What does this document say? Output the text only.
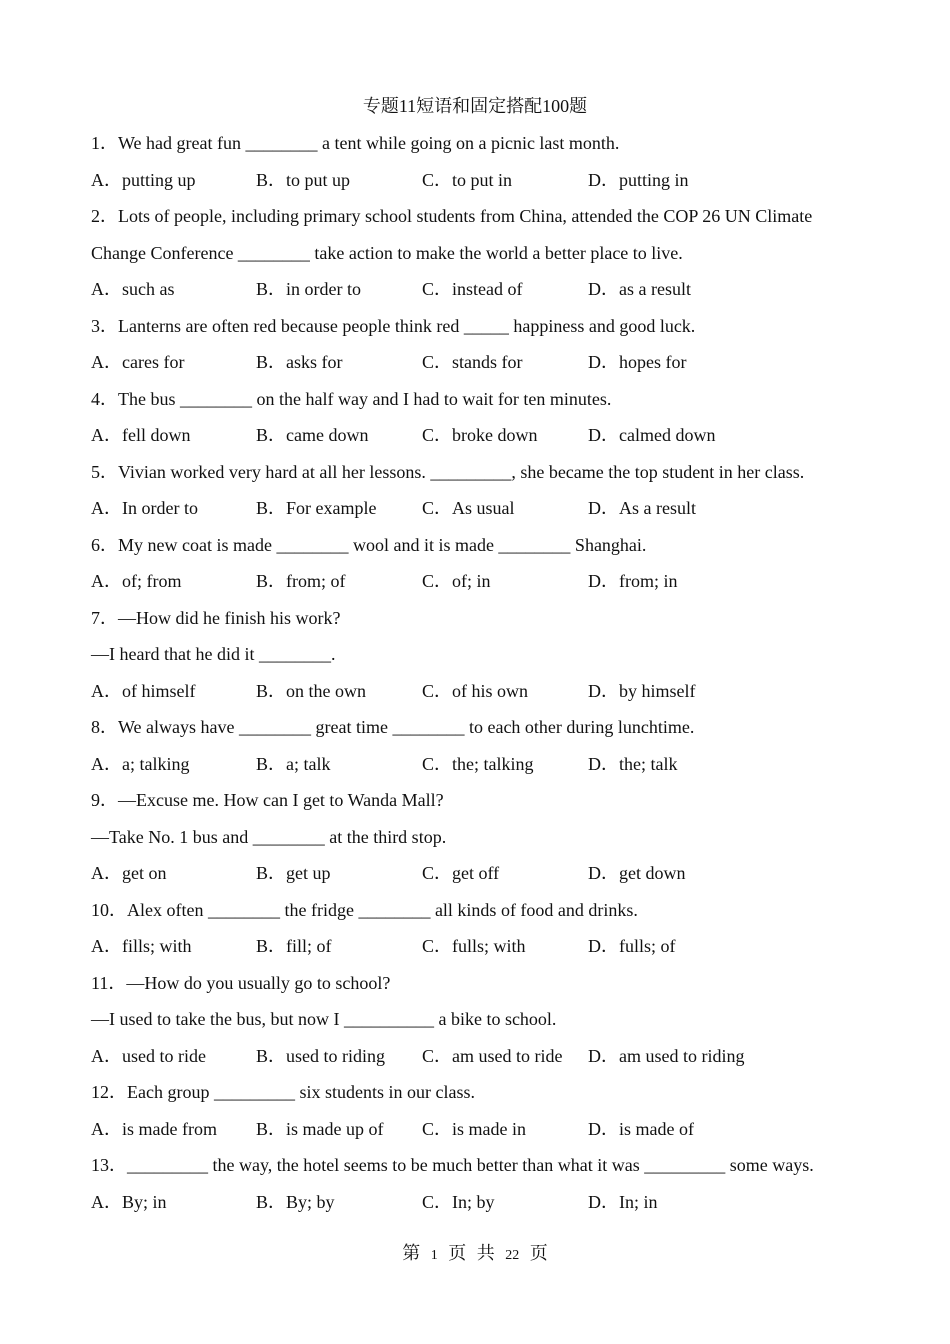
专题11短语和固定搭配100题
1．We had great fun ________ a tent while going on a picnic last month.
A．putting up	B．to put up	C．to put in	D．putting in
2．Lots of people, including primary school students from China, attended the COP 26 UN Climate
Change Conference ________ take action to make the world a better place to live.
A．such as	B．in order to	C．instead of	D．as a result
3．Lanterns are often red because people think red _____ happiness and good luck.
A．cares for	B．asks for	C．stands for	D．hopes for
4．The bus ________ on the half way and I had to wait for ten minutes.
A．fell down	B．came down	C．broke down	D．calmed down
5．Vivian worked very hard at all her lessons. _________, she became the top student in her class.
A．In order to	B．For example	C．As usual	D．As a result
6．My new coat is made ________ wool and it is made ________ Shanghai.
A．of; from	B．from; of	C．of; in	D．from; in
7．—How did he finish his work?
—I heard that he did it ________.
A．of himself	B．on the own	C．of his own	D．by himself
8．We always have ________ great time ________ to each other during lunchtime.
A．a; talking	B．a; talk	C．the; talking	D．the; talk
9．—Excuse me. How can I get to Wanda Mall?
—Take No. 1 bus and ________ at the third stop.
A．get on	B．get up	C．get off	D．get down
10．Alex often ________ the fridge ________ all kinds of food and drinks.
A．fills; with	B．fill; of	C．fulls; with	D．fulls; of
11．—How do you usually go to school?
—I used to take the bus, but now I __________ a bike to school.
A．used to ride	B．used to riding C．am used to ride D．am used to riding
12．Each group _________ six students in our class.
A．is made from B．is made up of C．is made in	D．is made of
13．_________ the way, the hotel seems to be much better than what it was _________ some ways.
A．By; in	B．By; by	C．In; by	D．In; in
第 1 页 共 22 页
